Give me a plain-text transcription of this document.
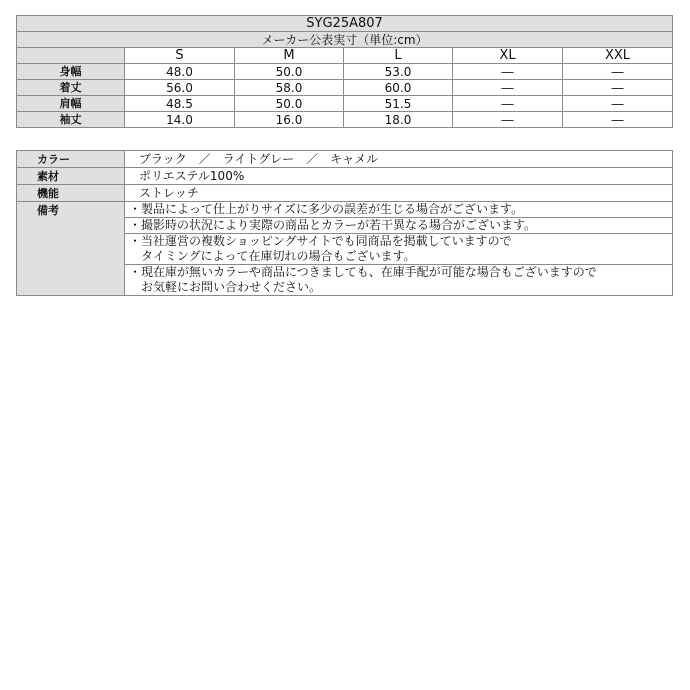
SYG25A807					
メーカー公表実寸（単位:cm）					
	S	M	L	XL	XXL
身幅	48.0	50.0	53.0	―	―
着丈	56.0	58.0	60.0	―	―
肩幅	48.5	50.0	51.5	―	―
袖丈	14.0	16.0	18.0	―	―
カラー	ブラック　／　ライトグレー　／　キャメル
素材	ポリエステル100%
機能	ストレッチ
備考	・製品によって仕上がりサイズに多少の誤差が生じる場合がございます。

	・撮影時の状況により実際の商品とカラーが若干異なる場合がございます。

	・当社運営の複数ショッピングサイトでも同商品を掲載していますので
　タイミングによって在庫切れの場合もございます。

	・現在庫が無いカラーや商品につきましても、在庫手配が可能な場合もございますので
　お気軽にお問い合わせください。
